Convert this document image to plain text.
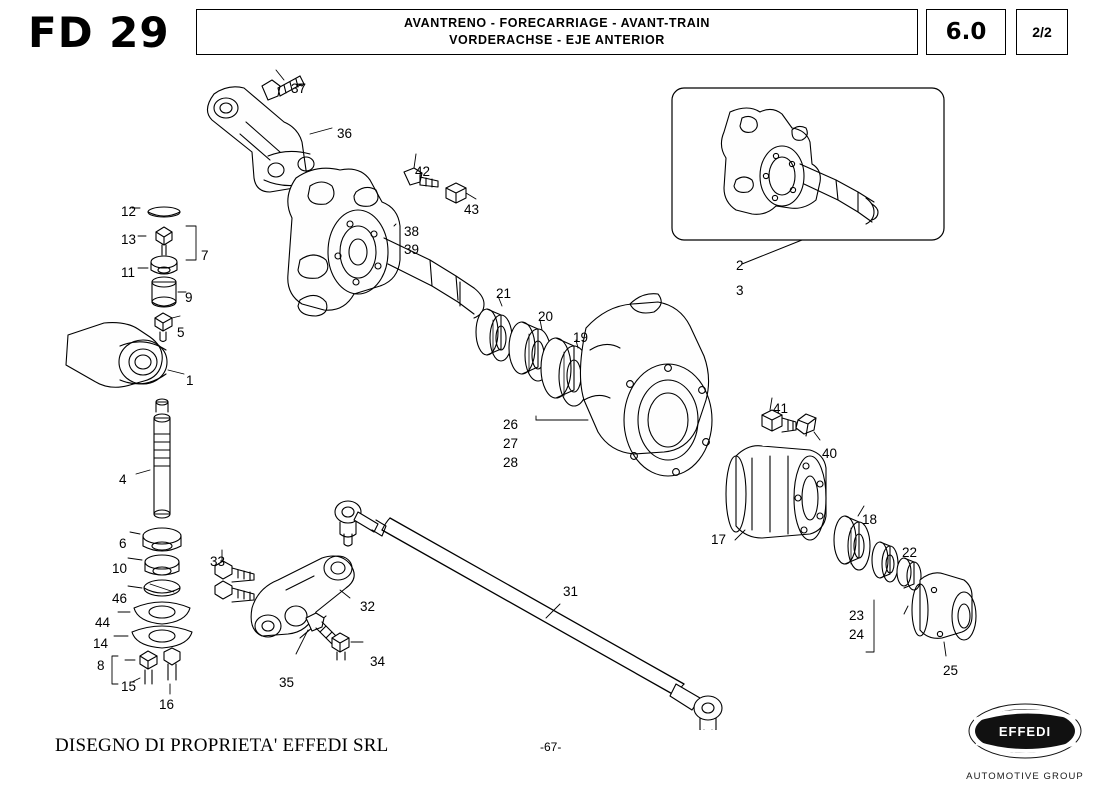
FD 29	AVANTRENO - FORECARRIAGE - AVANT-TRAIN
VORDERACHSE - EJE ANTERIOR	6.0	2/2
1
2
3
4
5
6
7
8
9
10
11
12
13
14
15
16
17
18
19
20
21
22
23
24
25
26
27
28
31
32
33
34
35
36
37
38
39
40
41
42
43
44
46
DISEGNO DI PROPRIETA' EFFEDI SRL	-67-
EFFEDI
AUTOMOTIVE GROUP
